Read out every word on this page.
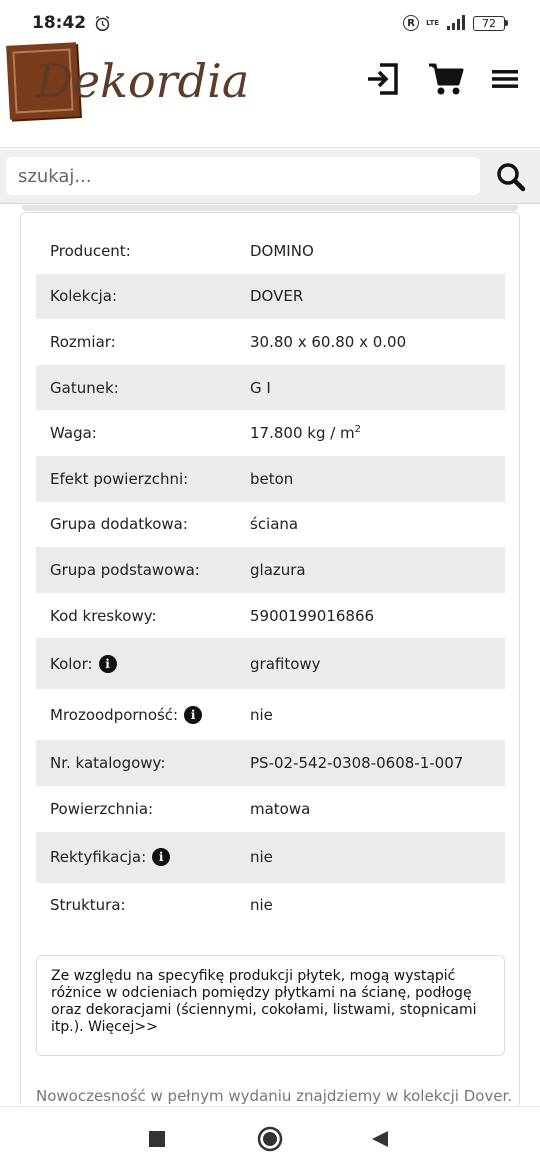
18:42	R	LTE	72
Dekordia
szukaj...
Producent:	DOMINO
Kolekcja:	DOVER
Rozmiar:	30.80 x 60.80 x 0.00
Gatunek:	G I
Waga:	17.800 kg / $m^2$
Efekt powierzchni:	beton
Grupa dodatkowa:	ściana
Grupa podstawowa:	glazura
Kod kreskowy:	5900199016866
Kolor:	i	grafitowy
Mrozoodporność:	i	nie
Nr. katalogowy:	PS-02-542-0308-0608-1-007
Powierzchnia:	matowa
Rektyfikacja:	i	nie
Struktura:	nie
Ze względu na specyfikę produkcji płytek, mogą wystąpić różnice w odcieniach pomiędzy płytkami na ścianę, podłogę oraz dekoracjami (ściennymi, cokołami, listwami, stopnicami itp.). Więcej>>
Nowoczesność w pełnym wydaniu znajdziemy w kolekcji Dover.
